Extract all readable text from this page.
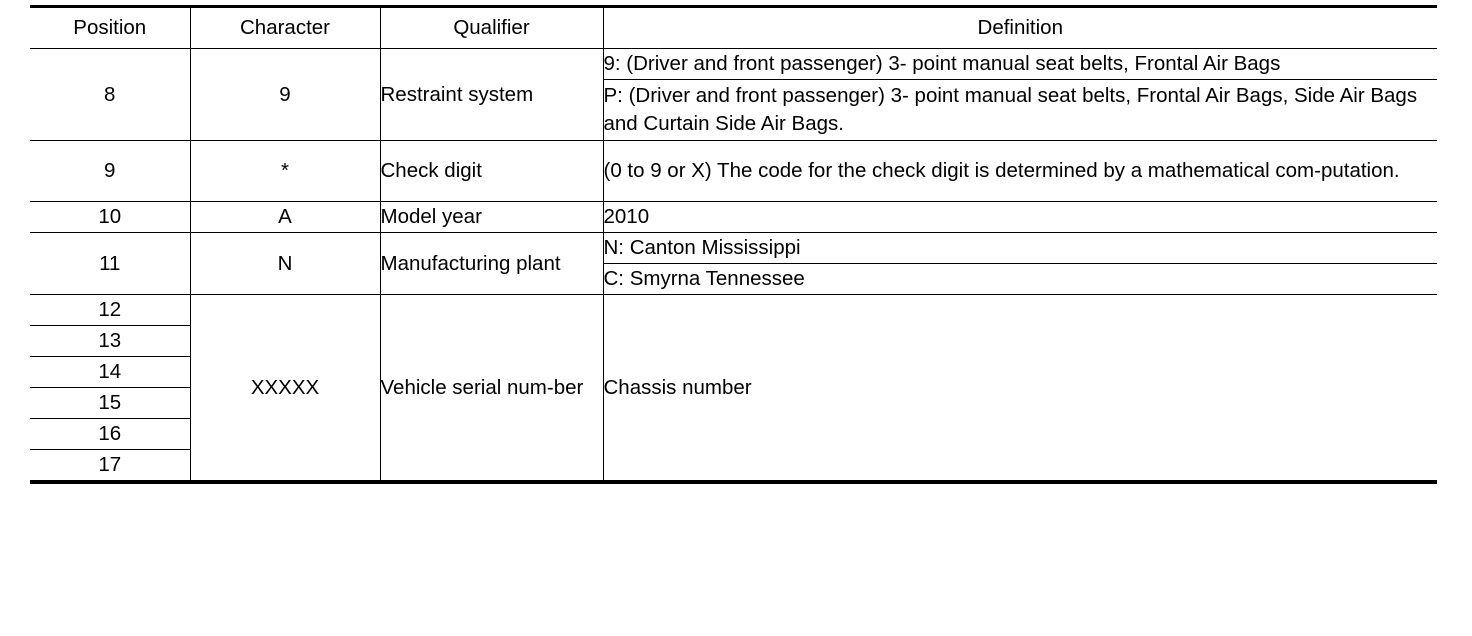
Position	Character	Qualifier	Definition
8	9	Restraint system	9: (Driver and front passenger) 3- point manual seat belts, Frontal Air Bags
			P: (Driver and front passenger) 3- point manual seat belts, Frontal Air Bags, Side Air Bags and Curtain Side Air Bags.
9	*	Check digit	(0 to 9 or X) The code for the check digit is determined by a mathematical com-putation.
10	A	Model year	2010
11	N	Manufacturing plant	N: Canton Mississippi
			C: Smyrna Tennessee
12	XXXXX	Vehicle serial num-ber	Chassis number
13			
14			
15			
16			
17			
